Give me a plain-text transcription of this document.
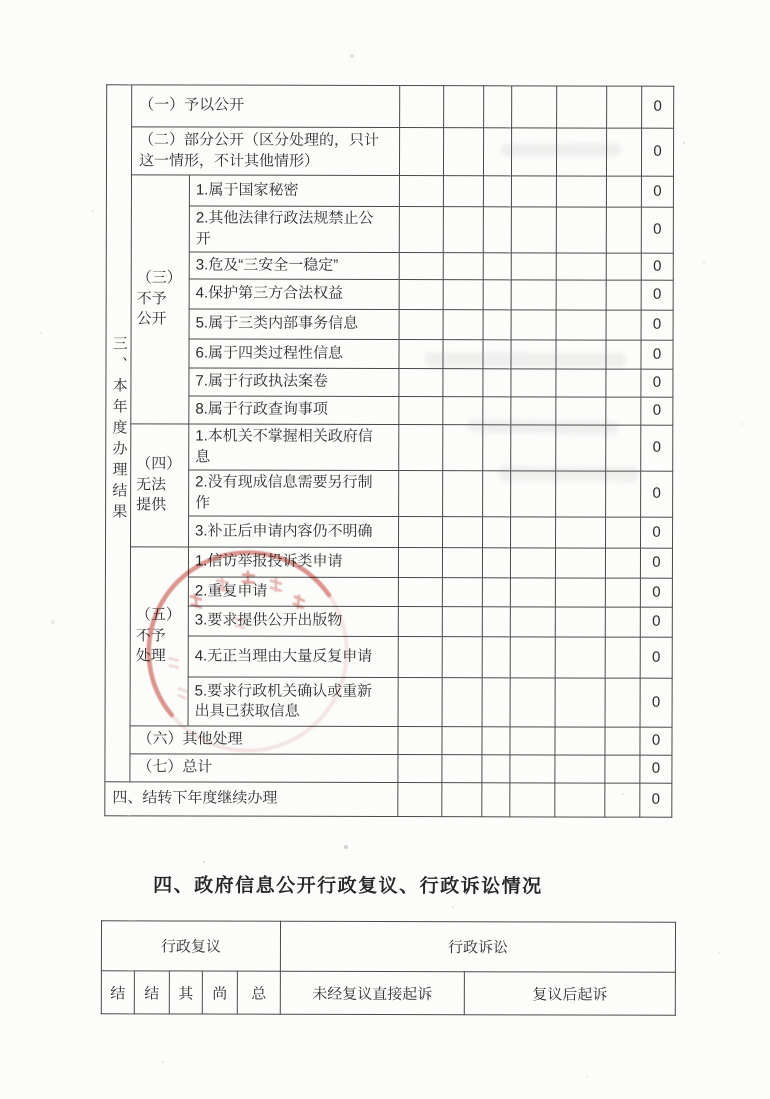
三、本年度办理结果	（一）予以公开								0
	（二）部分公开（区分处理的，只计
这一情形，不计其他情形）								0
	（三）
不予
公开	1.属于国家秘密							0
		2.其他法律行政法规禁止公
开							0
		3.危及“三安全一稳定”							0
		4.保护第三方合法权益							0
		5.属于三类内部事务信息							0
		6.属于四类过程性信息							0
		7.属于行政执法案卷							0
		8.属于行政查询事项							0
	（四）
无法
提供	1.本机关不掌握相关政府信
息							0
		2.没有现成信息需要另行制
作							0
		3.补正后申请内容仍不明确							0
	（五）
不予
处理	1.信访举报投诉类申请							0
		2.重复申请							0
		3.要求提供公开出版物							0
		4.无正当理由大量反复申请							0
		5.要求行政机关确认或重新
出具已获取信息							0
	（六）其他处理								0
	（七）总计								0
四、结转下年度继续办理									0
四、政府信息公开行政复议、行政诉讼情况
行政复议					行政诉讼	
结	结	其	尚	总	未经复议直接起诉	复议后起诉
